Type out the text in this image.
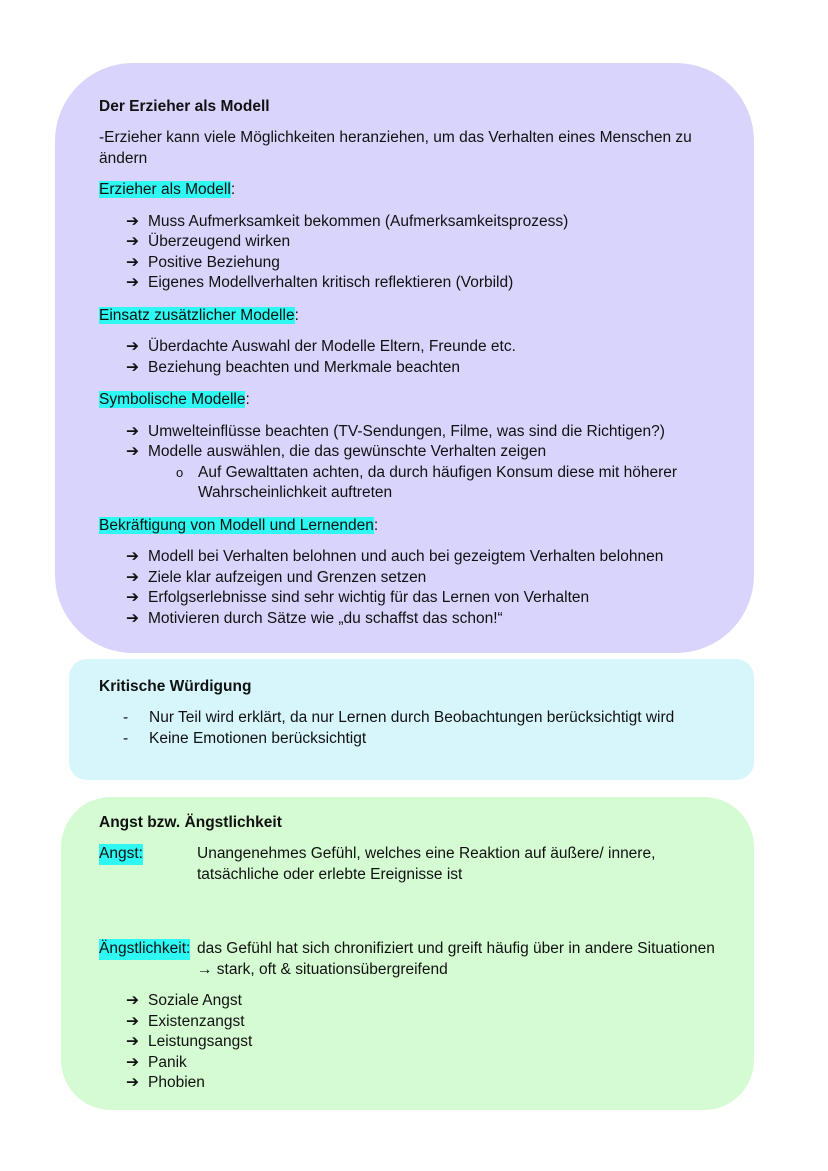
Der Erzieher als Modell
-Erzieher kann viele Möglichkeiten heranziehen, um das Verhalten eines Menschen zu ändern
Erzieher als Modell:
➔ Muss Aufmerksamkeit bekommen (Aufmerksamkeitsprozess)
➔ Überzeugend wirken
➔ Positive Beziehung
➔ Eigenes Modellverhalten kritisch reflektieren (Vorbild)
Einsatz zusätzlicher Modelle:
➔ Überdachte Auswahl der Modelle Eltern, Freunde etc.
➔ Beziehung beachten und Merkmale beachten
Symbolische Modelle:
➔ Umwelteinflüsse beachten (TV-Sendungen, Filme, was sind die Richtigen?)
➔ Modelle auswählen, die das gewünschte Verhalten zeigen
o Auf Gewalttaten achten, da durch häufigen Konsum diese mit höherer Wahrscheinlichkeit auftreten
Bekräftigung von Modell und Lernenden:
➔ Modell bei Verhalten belohnen und auch bei gezeigtem Verhalten belohnen
➔ Ziele klar aufzeigen und Grenzen setzen
➔ Erfolgserlebnisse sind sehr wichtig für das Lernen von Verhalten
➔ Motivieren durch Sätze wie „du schaffst das schon!“
Kritische Würdigung
- Nur Teil wird erklärt, da nur Lernen durch Beobachtungen berücksichtigt wird
- Keine Emotionen berücksichtigt
Angst bzw. Ängstlichkeit
Angst:	Unangenehmes Gefühl, welches eine Reaktion auf äußere/ innere, tatsächliche oder erlebte Ereignisse ist
Ängstlichkeit: das Gefühl hat sich chronifiziert und greift häufig über in andere Situationen → stark, oft & situationsübergreifend
➔ Soziale Angst
➔ Existenzangst
➔ Leistungsangst
➔ Panik
➔ Phobien
